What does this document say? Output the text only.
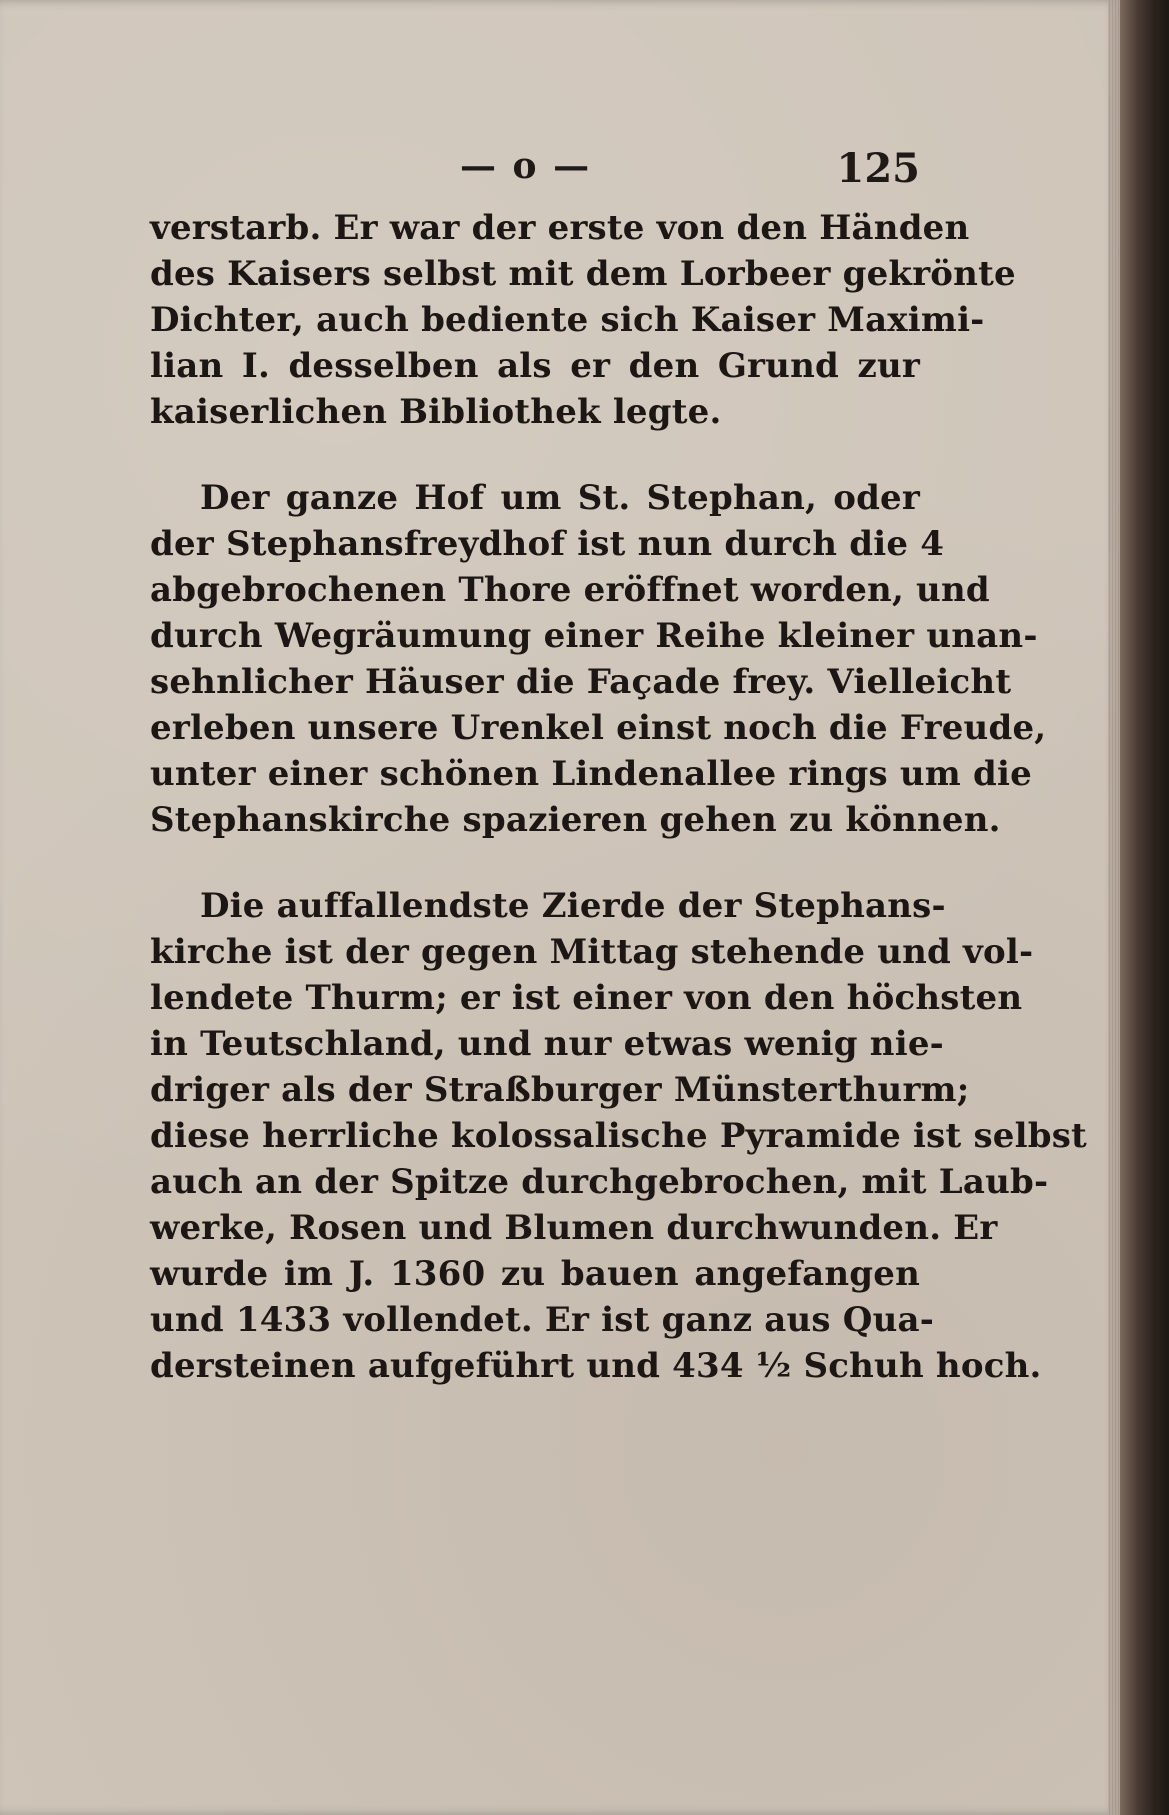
— o —	125
verstarb. Er war der erste von den Händen
des Kaisers selbst mit dem Lorbeer gekrönte
Dichter, auch bediente sich Kaiser Maximi-
lian I. desselben als er den Grund zur
kaiserlichen Bibliothek legte.
Der ganze Hof um St. Stephan, oder
der Stephansfreydhof ist nun durch die 4
abgebrochenen Thore eröffnet worden, und
durch Wegräumung einer Reihe kleiner unan-
sehnlicher Häuser die Façade frey. Vielleicht
erleben unsere Urenkel einst noch die Freude,
unter einer schönen Lindenallee rings um die
Stephanskirche spazieren gehen zu können.
Die auffallendste Zierde der Stephans-
kirche ist der gegen Mittag stehende und vol-
lendete Thurm; er ist einer von den höchsten
in Teutschland, und nur etwas wenig nie-
driger als der Straßburger Münsterthurm;
diese herrliche kolossalische Pyramide ist selbst
auch an der Spitze durchgebrochen, mit Laub-
werke, Rosen und Blumen durchwunden. Er
wurde im J. 1360 zu bauen angefangen
und 1433 vollendet. Er ist ganz aus Qua-
dersteinen aufgeführt und 434 ½ Schuh hoch.
